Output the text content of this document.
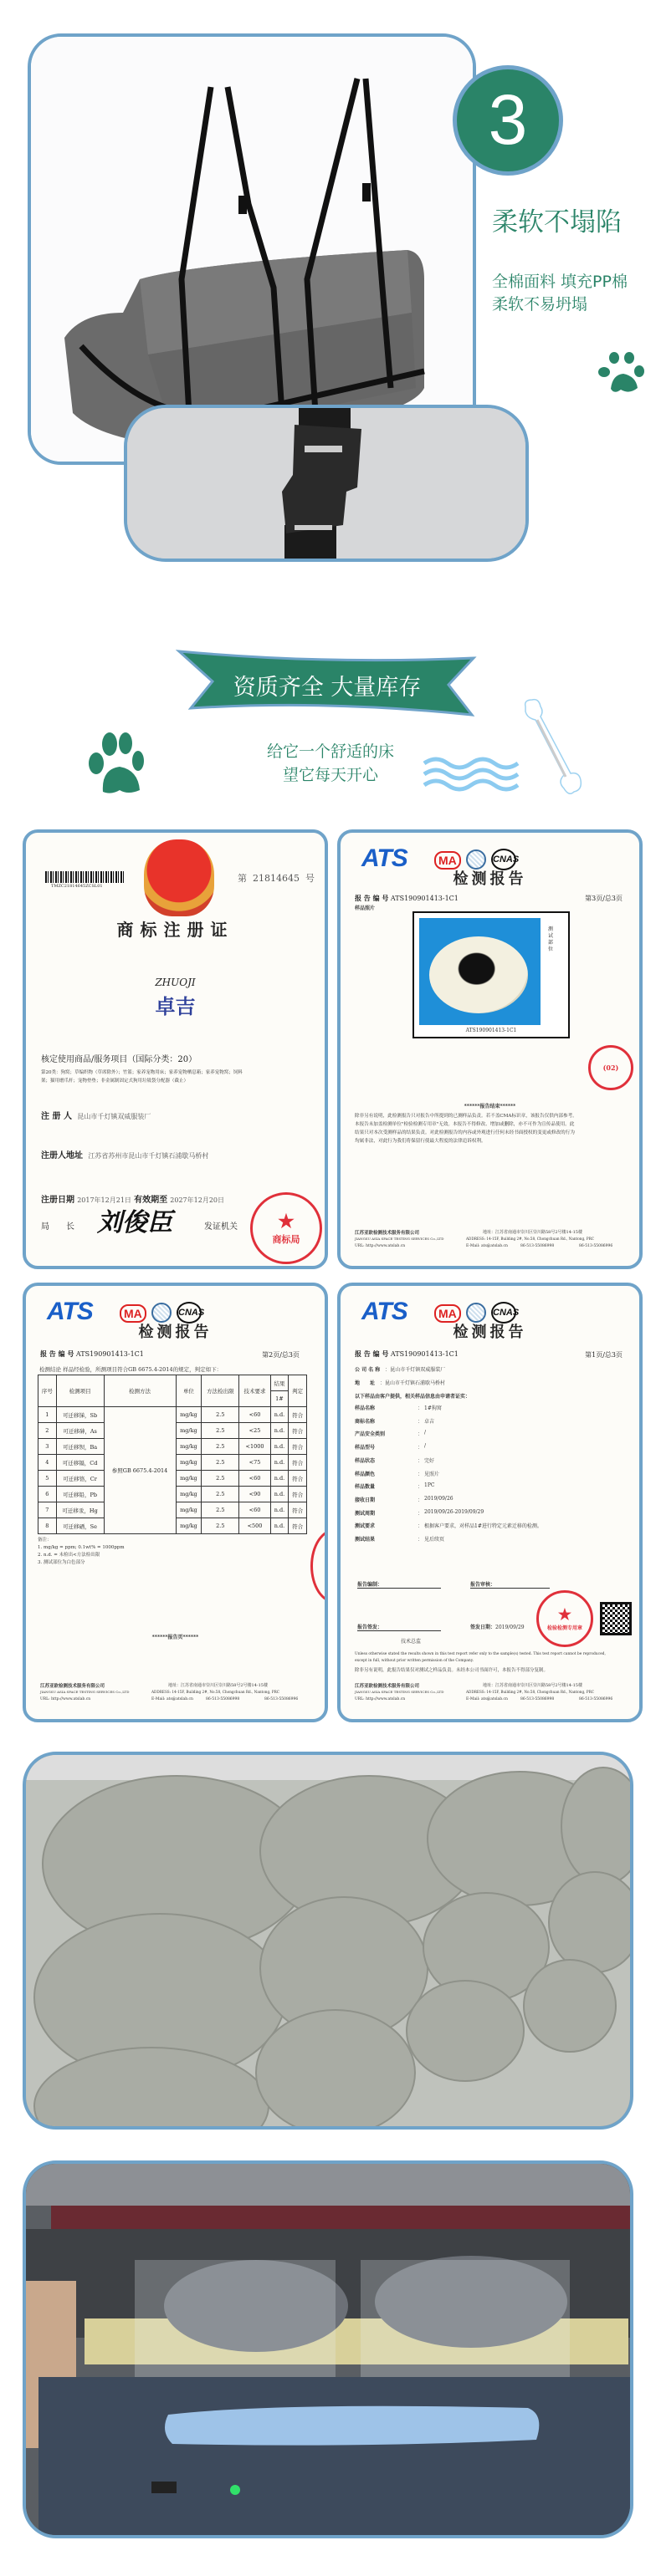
3
柔软不塌陷
全棉面料 填充PP棉
柔软不易坍塌
资质齐全 大量库存
给它一个舒适的床
望它每天开心
TMZC21814645ZCSL01
第 21814645 号
商标注册证
ZHUOJI
卓吉
核定使用商品/服务项目（国际分类：20）
第20类：狗窝；草编织物（草席除外）；竹篮；家养宠物用床；家养宠物栖息箱；家养宠物窝；饲料
架；猫用磨爪杆；宠物垫垫；非金属制固定式狗用垃圾袋分配器（截止）
注 册 人 昆山市千灯镇双威服装厂
注册人地址 江苏省苏州市昆山市千灯镇石浦歇马桥村
注册日期 2017年12月21日 有效期至 2027年12月20日
局　　长 刘俊臣	发证机关 ★
商标局
第3页/总3页
样品照片
测试部位
ATS190901413-1C1
(02)
******报告结束******
除非另有说明，此检测报告只对报告中所提到的已测样品负责。若不盖CMA标识章，该报告仅供内部参考。
本报告未加盖检测单位"检验检测专用章"无效。本报告不得修改、增加或删除，亦不可作为宣传品使用。此
结果只对本次受测样品的结果负责。对此检测报告的内容或外观进行任何未经书面授权的变更或修改的行为
均属非法，对此行为我们将保留行使最大程度的法律追诉权利。
ATS	MA	CNAS
检测报告
报 告 编 号 ATS190901413-1C1
江苏亚欧检测技术服务有限公司
JIANGSU ASIA SPACE TESTING SERVICES Co.,LTD
URL: http://www.atslab.cn
地址：江苏省南通市崇川区崇川路58号2号楼14-15楼
ADDRESS: 14-15F, Building 2#, No.58, Chongchuan Rd., Nantong, PRC
E-Mail: ats@atslab.cn	86-513-55086998	86-513-55086996
第2页/总3页
检测结论 样品经检验，所测项目符合GB 6675.4-2014的规定，判定如下：
序号	检测项目	检测方法	单位	方法检出限	技术要求	结果	判定
						1#	
1	可迁移锑，Sb	参照GB 6675.4-2014	mg/kg	2.5	<60	n.d.	符合
2	可迁移砷，As		mg/kg	2.5	<25	n.d.	符合
3	可迁移钡，Ba		mg/kg	2.5	<1000	n.d.	符合
4	可迁移镉，Cd		mg/kg	2.5	<75	n.d.	符合
5	可迁移铬，Cr		mg/kg	2.5	<60	n.d.	符合
6	可迁移铅，Pb		mg/kg	2.5	<90	n.d.	符合
7	可迁移汞，Hg		mg/kg	2.5	<60	n.d.	符合
8	可迁移硒，Se		mg/kg	2.5	<500	n.d.	符合
备注：
1. mg/kg = ppm; 0.1wt% = 1000ppm
2. n.d. = 未检出<方法检出限
3. 测试部位为白色部分
******报告页******
ATS	MA	CNAS
检测报告
报 告 编 号 ATS190901413-1C1
江苏亚欧检测技术服务有限公司
JIANGSU ASIA SPACE TESTING SERVICES Co.,LTD
URL: http://www.atslab.cn
地址：江苏省南通市崇川区崇川路58号2号楼14-15楼
ADDRESS: 14-15F, Building 2#, No.58, Chongchuan Rd., Nantong, PRC
E-Mail: ats@atslab.cn	86-513-55086998	86-513-55086996
第1页/总3页
公 司 名 称　：昆山市千灯镇双威服装厂
地　　址　：昆山市千灯镇石浦歇马桥村
以下样品由客户提供，相关样品信息由申请者证实：
样品名称	： 1#狗窝
商标名称	： 卓吉
产品安全类别	： /
样品型号	： /
样品状态	： 完好
样品颜色	： 见照片
样品数量	： 1PC
接收日期	： 2019/09/26
测试周期	： 2019/09/26-2019/09/29
测试要求	： 根据客户要求，对样品1#进行特定元素迁移的检测。
测试结果	： 见后续页
报告编制：	报告审核：
报告签发：	签发日期：2019/09/29
技术总监
★
检验检测专用章
Unless otherwise stated the results shown in this test report refer only to the sample(s) tested. This test report cannot be reproduced,
except in full, without prior written permission of the Company.
除非另有说明，此报告结果仅对测试之样品负责。未经本公司书面许可，本报告不得部分复制。
ATS	MA	CNAS
检测报告
报 告 编 号 ATS190901413-1C1
江苏亚欧检测技术服务有限公司
JIANGSU ASIA SPACE TESTING SERVICES Co.,LTD
URL: http://www.atslab.cn
地址：江苏省南通市崇川区崇川路58号2号楼14-15楼
ADDRESS: 14-15F, Building 2#, No.58, Chongchuan Rd., Nantong, PRC
E-Mail: ats@atslab.cn	86-513-55086998	86-513-55086996
